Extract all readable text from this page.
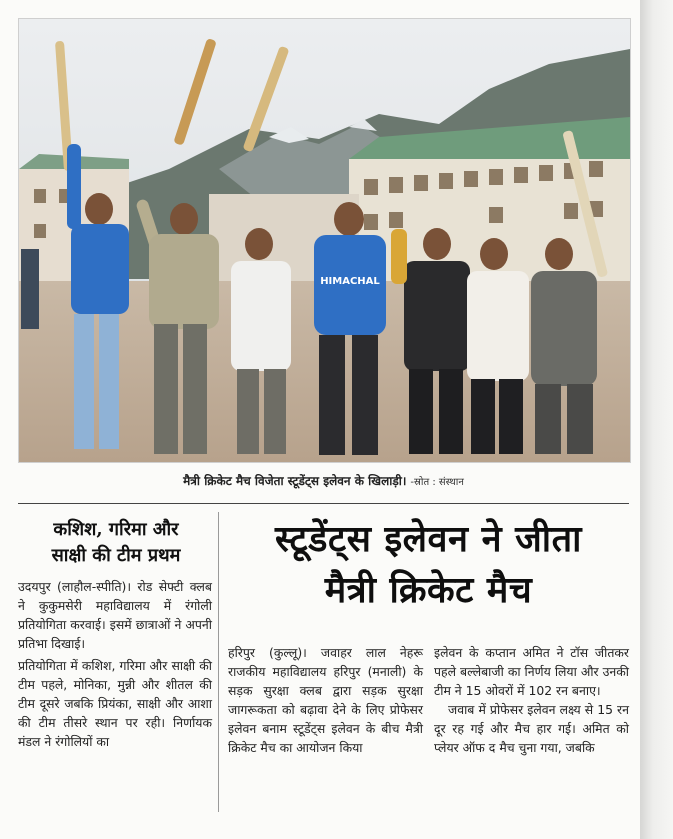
HIMACHAL
मैत्री क्रिकेट मैच विजेता स्टूडेंट्स इलेवन के खिलाड़ी। -स्रोत : संस्थान
कशिश, गरिमा और
साक्षी की टीम प्रथम

उदयपुर (लाहौल-स्पीति)। रोड सेफ्टी क्लब ने कुकुमसेरी महाविद्यालय में रंगोली प्रतियोगिता करवाई। इसमें छात्राओं ने अपनी प्रतिभा दिखाई।

प्रतियोगिता में कशिश, गरिमा और साक्षी की टीम पहले, मोनिका, मुन्नी और शीतल की टीम दूसरे जबकि प्रियंका, साक्षी और आशा की टीम तीसरे स्थान पर रही। निर्णायक मंडल ने रंगोलियों का

स्टूडेंट्स इलेवन ने जीता
मैत्री क्रिकेट मैच

हरिपुर (कुल्लू)। जवाहर लाल नेहरू राजकीय महाविद्यालय हरिपुर (मनाली) के सड़क सुरक्षा क्लब द्वारा सड़क सुरक्षा जागरूकता को बढ़ावा देने के लिए प्रोफेसर इलेवन बनाम स्टूडेंट्स इलेवन के बीच मैत्री क्रिकेट मैच का आयोजन किया

इलेवन के कप्तान अमित ने टॉस जीतकर पहले बल्लेबाजी का निर्णय लिया और उनकी टीम ने 15 ओवरों में 102 रन बनाए।

जवाब में प्रोफेसर इलेवन लक्ष्य से 15 रन दूर रह गई और मैच हार गई। अमित को प्लेयर ऑफ द मैच चुना गया, जबकि
